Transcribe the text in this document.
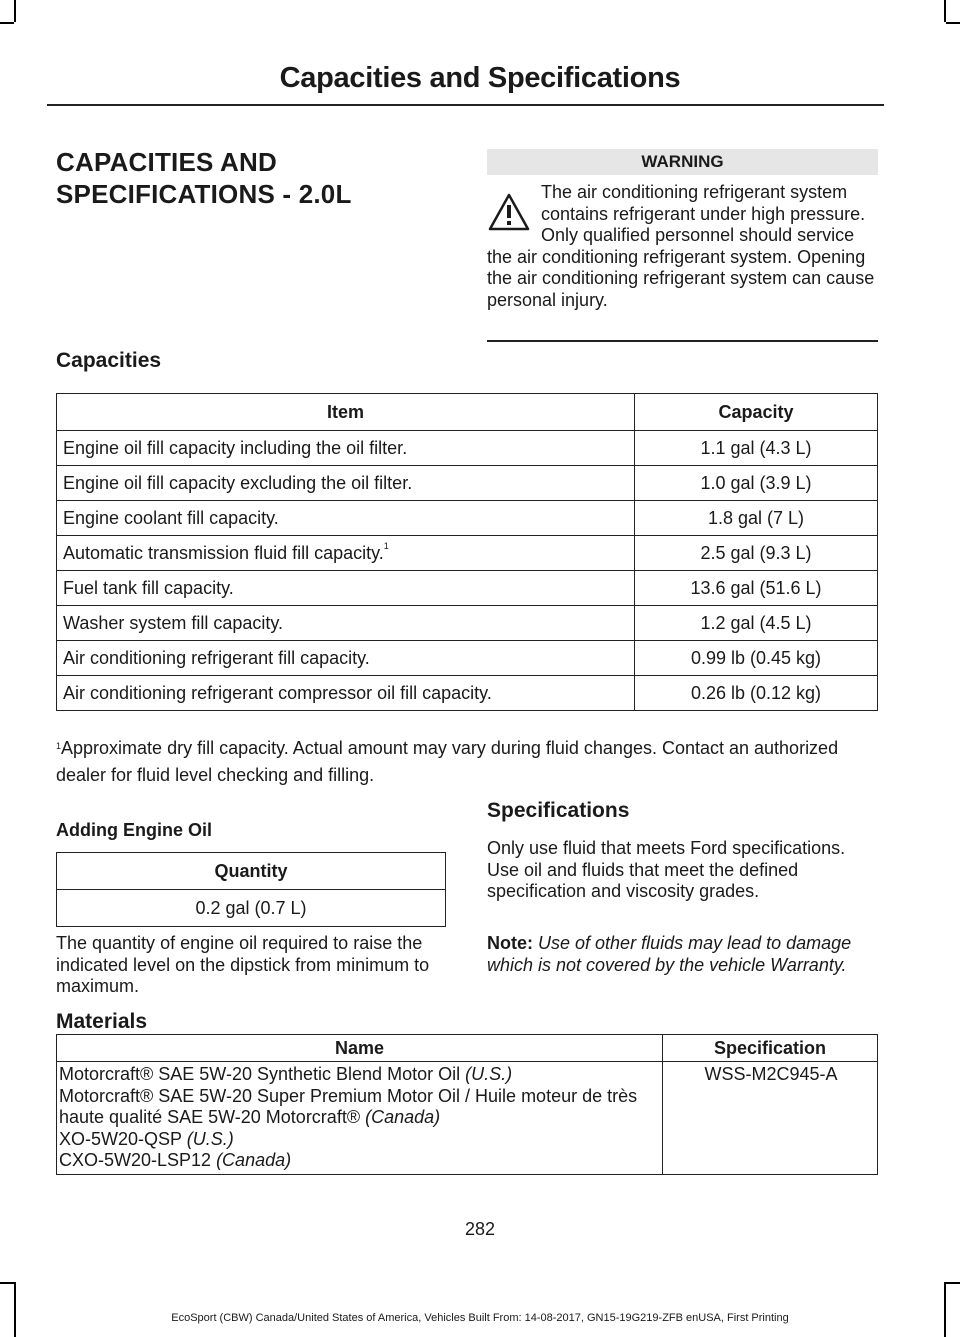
Capacities and Specifications
CAPACITIES AND SPECIFICATIONS - 2.0L
WARNING
The air conditioning refrigerant system contains refrigerant under high pressure. Only qualified personnel should service the air conditioning refrigerant system. Opening the air conditioning refrigerant system can cause personal injury.
Capacities
Item	Capacity
Engine oil fill capacity including the oil filter.	1.1 gal (4.3 L)
Engine oil fill capacity excluding the oil filter.	1.0 gal (3.9 L)
Engine coolant fill capacity.	1.8 gal (7 L)
Automatic transmission fluid fill capacity.$^1$	2.5 gal (9.3 L)
Fuel tank fill capacity.	13.6 gal (51.6 L)
Washer system fill capacity.	1.2 gal (4.5 L)
Air conditioning refrigerant fill capacity.	0.99 lb (0.45 kg)
Air conditioning refrigerant compressor oil fill capacity.	0.26 lb (0.12 kg)
$^1$Approximate dry fill capacity. Actual amount may vary during fluid changes. Contact an authorized dealer for fluid level checking and filling.
Adding Engine Oil
Quantity
0.2 gal (0.7 L)
The quantity of engine oil required to raise the indicated level on the dipstick from minimum to maximum.
Specifications
Only use fluid that meets Ford specifications. Use oil and fluids that meet the defined specification and viscosity grades.
Note: Use of other fluids may lead to damage which is not covered by the vehicle Warranty.
Materials
Name	Specification

Motorcraft® SAE 5W-20 Synthetic Blend Motor Oil (U.S.)
Motorcraft® SAE 5W-20 Super Premium Motor Oil / Huile moteur de très haute qualité SAE 5W-20 Motorcraft® (Canada)
XO-5W20-QSP (U.S.)
CXO-5W20-LSP12 (Canada)	WSS-M2C945-A
282
EcoSport (CBW) Canada/United States of America, Vehicles Built From: 14-08-2017, GN15-19G219-ZFB enUSA, First Printing
